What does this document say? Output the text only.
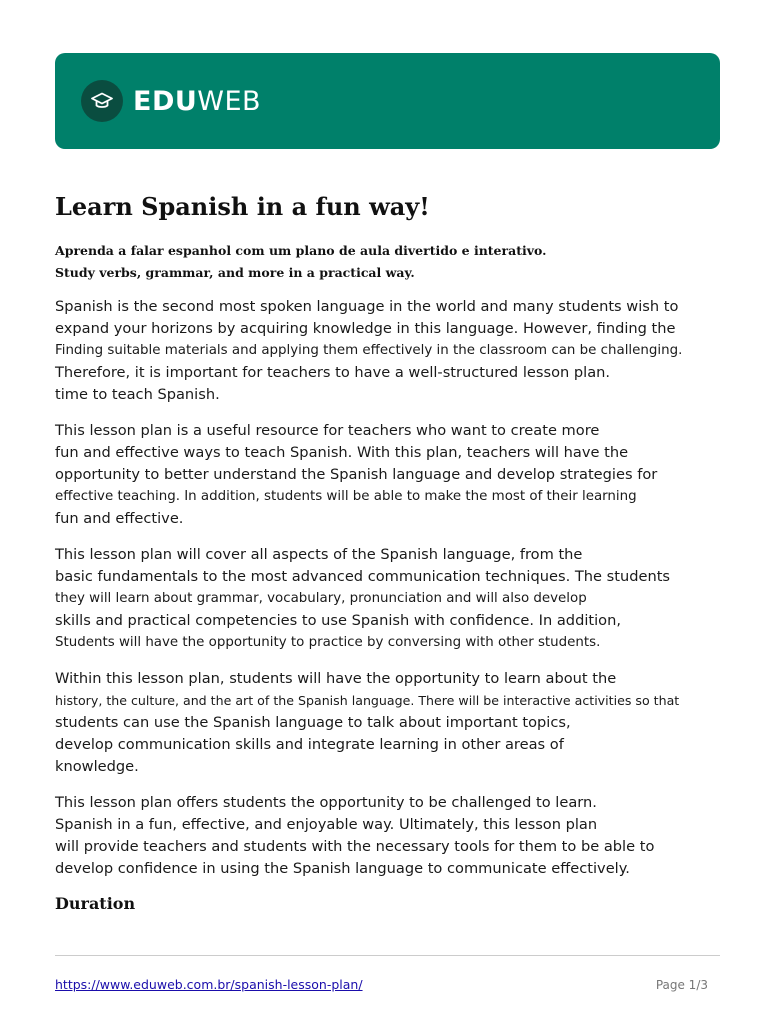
EDUWEB
Learn Spanish in a fun way!
Aprenda a falar espanhol com um plano de aula divertido e interativo.
Study verbs, grammar, and more in a practical way.
Spanish is the second most spoken language in the world and many students wish to
expand your horizons by acquiring knowledge in this language. However, finding the
Finding suitable materials and applying them effectively in the classroom can be challenging.
Therefore, it is important for teachers to have a well-structured lesson plan.
time to teach Spanish.
This lesson plan is a useful resource for teachers who want to create more
fun and effective ways to teach Spanish. With this plan, teachers will have the
opportunity to better understand the Spanish language and develop strategies for
effective teaching. In addition, students will be able to make the most of their learning
fun and effective.
This lesson plan will cover all aspects of the Spanish language, from the
basic fundamentals to the most advanced communication techniques. The students
they will learn about grammar, vocabulary, pronunciation and will also develop
skills and practical competencies to use Spanish with confidence. In addition,
Students will have the opportunity to practice by conversing with other students.
Within this lesson plan, students will have the opportunity to learn about the
history, the culture, and the art of the Spanish language. There will be interactive activities so that
students can use the Spanish language to talk about important topics,
develop communication skills and integrate learning in other areas of
knowledge.
This lesson plan offers students the opportunity to be challenged to learn.
Spanish in a fun, effective, and enjoyable way. Ultimately, this lesson plan
will provide teachers and students with the necessary tools for them to be able to
develop confidence in using the Spanish language to communicate effectively.
Duration
https://www.eduweb.com.br/spanish-lesson-plan/	Page 1/3
